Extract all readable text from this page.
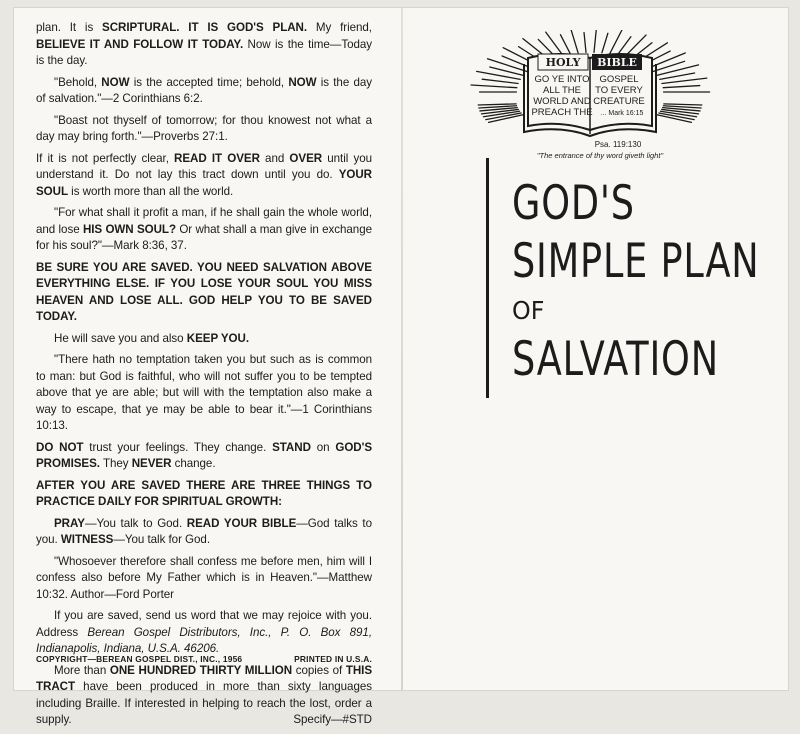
plan. It is SCRIPTURAL. IT IS GOD'S PLAN. My friend, BELIEVE IT AND FOLLOW IT TODAY. Now is the time—Today is the day.

"Behold, NOW is the accepted time; behold, NOW is the day of salvation."—2 Corinthians 6:2.

"Boast not thyself of tomorrow; for thou knowest not what a day may bring forth."—Proverbs 27:1.

If it is not perfectly clear, READ IT OVER and OVER until you understand it. Do not lay this tract down until you do. YOUR SOUL is worth more than all the world.

"For what shall it profit a man, if he shall gain the whole world, and lose HIS OWN SOUL? Or what shall a man give in exchange for his soul?"—Mark 8:36, 37.

BE SURE YOU ARE SAVED. YOU NEED SALVATION ABOVE EVERYTHING ELSE. IF YOU LOSE YOUR SOUL YOU MISS HEAVEN AND LOSE ALL. GOD HELP YOU TO BE SAVED TODAY.

He will save you and also KEEP YOU.

"There hath no temptation taken you but such as is common to man: but God is faithful, who will not suffer you to be tempted above that ye are able; but will with the temptation also make a way to escape, that ye may be able to bear it."—1 Corinthians 10:13.

DO NOT trust your feelings. They change. STAND on GOD'S PROMISES. They NEVER change.

AFTER YOU ARE SAVED THERE ARE THREE THINGS TO PRACTICE DAILY FOR SPIRITUAL GROWTH:

PRAY—You talk to God. READ YOUR BIBLE—God talks to you. WITNESS—You talk for God.

"Whosoever therefore shall confess me before men, him will I confess also before My Father which is in Heaven."—Matthew 10:32. Author—Ford Porter

If you are saved, send us word that we may rejoice with you. Address Berean Gospel Distributors, Inc., P. O. Box 891, Indianapolis, Indiana, U.S.A. 46206.

More than ONE HUNDRED THIRTY MILLION copies of THIS TRACT have been produced in more than sixty languages including Braille. If interested in helping to reach the lost, order a supply.	Specify—#STD

COPYRIGHT—BEREAN GOSPEL DIST., INC., 1956	PRINTED IN U.S.A.
HOLY BIBLE
GO YE INTO
ALL THE
WORLD AND
PREACH THE
GOSPEL
TO EVERY
CREATURE
... Mark 16:15
Psa. 119:130
"The entrance of thy word giveth light"
GOD'S
SIMPLE PLAN
OF
SALVATION
